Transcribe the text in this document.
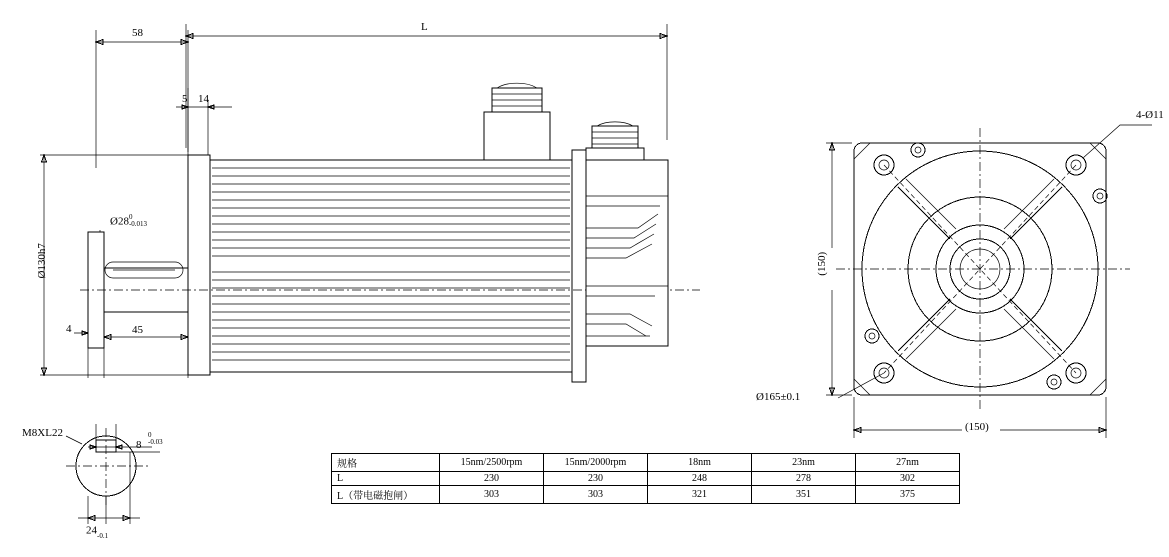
58	L
5 14
Ø28 0
-0.013
Ø130h7
4	45
4-Ø11
(150)
(150)
Ø165±0.1
M8XL22	0
-0.03
8
24
-0.1
规格	15nm/2500rpm	15nm/2000rpm	18nm	23nm	27nm
L	230	230	248	278	302
L（带电磁抱闸）	303	303	321	351	375
